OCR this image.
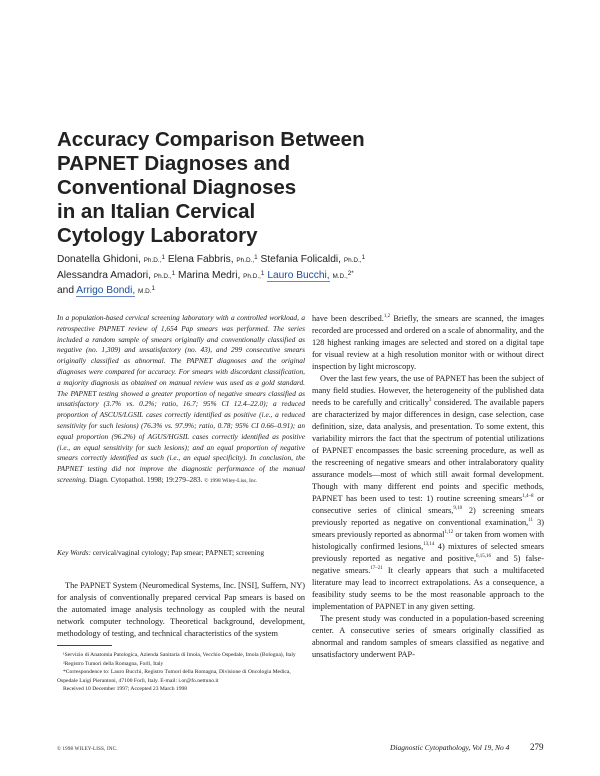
Accuracy Comparison Between
PAPNET Diagnoses and
Conventional Diagnoses
in an Italian Cervical
Cytology Laboratory
Donatella Ghidoni, Ph.D.,$^1$ Elena Fabbris, Ph.D.,$^1$ Stefania Folicaldi, Ph.D.,$^1$
Alessandra Amadori, Ph.D.,$^1$ Marina Medri, Ph.D.,$^1$ Lauro Bucchi, M.D.,$^{2*}$
and Arrigo Bondi, M.D.$^1$
In a population-based cervical screening laboratory with a controlled workload, a retrospective PAPNET review of 1,654 Pap smears was performed. The series included a random sample of smears originally and conventionally classified as negative (no. 1,309) and unsatisfactory (no. 43), and 299 consecutive smears originally classified as abnormal. The PAPNET diagnoses and the original diagnoses were compared for accuracy. For smears with discordant classification, a majority diagnosis as obtained on manual review was used as a gold standard. The PAPNET testing showed a greater proportion of negative smears classified as unsatisfactory (3.7% vs. 0.2%; ratio, 16.7; 95% CI 12.4–22.0); a reduced proportion of ASCUS/LGSIL cases correctly identified as positive (i.e., a reduced sensitivity for such lesions) (76.3% vs. 97.9%; ratio, 0.78; 95% CI 0.66–0.91); an equal proportion (96.2%) of AGUS/HGSIL cases correctly identified as positive (i.e., an equal sensitivity for such lesions); and an equal proportion of negative smears correctly identified as such (i.e., an equal specificity). In conclusion, the PAPNET testing did not improve the diagnostic performance of the manual screening. Diagn. Cytopathol. 1998; 19:279–283. © 1998 Wiley-Liss, Inc.
Key Words: cervical/vaginal cytology; Pap smear; PAPNET; screening

The PAPNET System (Neuromedical Systems, Inc. [NSI], Suffern, NY) for analysis of conventionally prepared cervical Pap smears is based on the automated image analysis technology as coupled with the neural network computer technology. Theoretical background, development, methodology of testing, and technical characteristics of the system

¹Servizio di Anatomia Patologica, Azienda Sanitaria di Imola, Vecchio Ospedale, Imola (Bologna), Italy

²Registro Tumori della Romagna, Forlì, Italy

*Correspondence to: Lauro Bucchi, Registro Tumori della Romagna, Divisione di Oncologia Medica, Ospedale Luigi Pierantoni, 47100 Forlì, Italy. E-mail: i.or@fo.nettuno.it

Received 10 December 1997; Accepted 23 March 1998

have been described.$^{1,2}$ Briefly, the smears are scanned, the images recorded are processed and ordered on a scale of abnormality, and the 128 highest ranking images are selected and stored on a digital tape for visual review at a high resolution monitor with or without direct inspection by light microscopy.

Over the last few years, the use of PAPNET has been the subject of many field studies. However, the heterogeneity of the published data needs to be carefully and critically$^3$ considered. The available papers are characterized by major differences in design, case selection, case definition, size, data analysis, and presentation. To some extent, this variability mirrors the fact that the spectrum of potential utilizations of PAPNET encompasses the basic screening procedure, as well as the rescreening of negative smears and other intralaboratory quality assurance models—most of which still await formal development. Though with many different end points and specific methods, PAPNET has been used to test: 1) routine screening smears$^{1,4-8}$ or consecutive series of clinical smears,$^{9,10}$ 2) screening smears previously reported as negative on conventional examination,$^{11}$ 3) smears previously reported as abnormal$^{1,12}$ or taken from women with histologically confirmed lesions,$^{13,14}$ 4) mixtures of selected smears previously reported as negative and positive,$^{6,15,16}$ and 5) false-negative smears.$^{17-21}$ It clearly appears that such a multifaceted literature may lead to incorrect extrapolations. As a consequence, a feasibility study seems to be the most reasonable approach to the implementation of PAPNET in any given setting.

The present study was conducted in a population-based screening center. A consecutive series of smears originally classified as abnormal and random samples of smears classified as negative and unsatisfactory underwent PAP-

© 1998 WILEY-LISS, INC.	Diagnostic Cytopathology, Vol 19, No 4 279
